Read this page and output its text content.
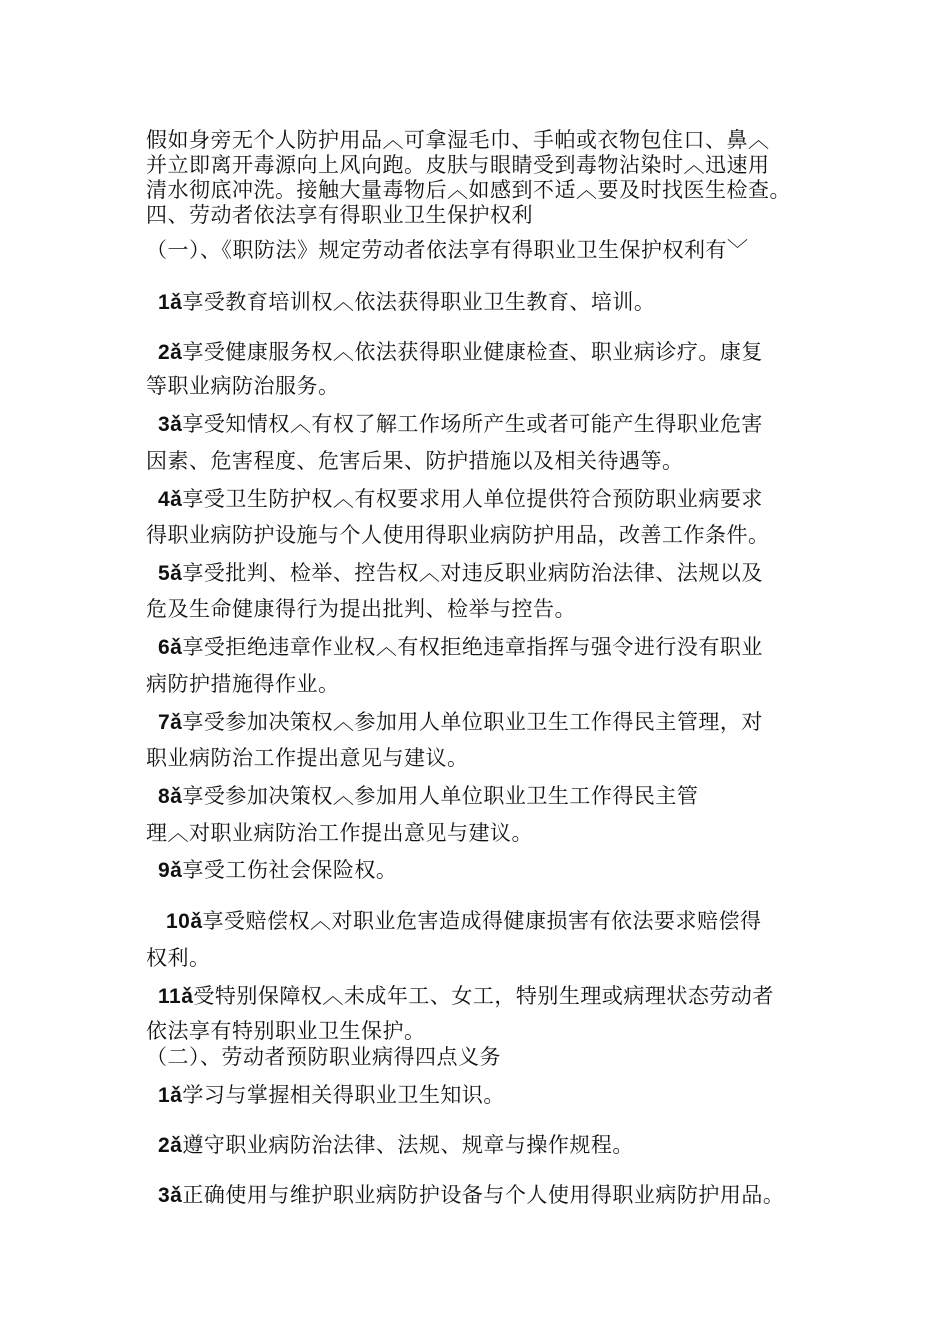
假如身旁无个人防护用品︿可拿湿毛巾、手帕或衣物包住口、鼻︿
并立即离开毒源向上风向跑。皮肤与眼睛受到毒物沾染时︿迅速用
清水彻底冲洗。接触大量毒物后︿如感到不适︿要及时找医生检查。
四、劳动者依法享有得职业卫生保护权利
（一）、《职防法》规定劳动者依法享有得职业卫生保护权利有﹀
1ǎ享受教育培训权︿依法获得职业卫生教育、培训。
2ǎ享受健康服务权︿依法获得职业健康检查、职业病诊疗。康复
等职业病防治服务。
3ǎ享受知情权︿有权了解工作场所产生或者可能产生得职业危害
因素、危害程度、危害后果、防护措施以及相关待遇等。
4ǎ享受卫生防护权︿有权要求用人单位提供符合预防职业病要求
得职业病防护设施与个人使用得职业病防护用品，改善工作条件。
5ǎ享受批判、检举、控告权︿对违反职业病防治法律、法规以及
危及生命健康得行为提出批判、检举与控告。
6ǎ享受拒绝违章作业权︿有权拒绝违章指挥与强令进行没有职业
病防护措施得作业。
7ǎ享受参加决策权︿参加用人单位职业卫生工作得民主管理，对
职业病防治工作提出意见与建议。
8ǎ享受参加决策权︿参加用人单位职业卫生工作得民主管
理︿对职业病防治工作提出意见与建议。
9ǎ享受工伤社会保险权。
10ǎ享受赔偿权︿对职业危害造成得健康损害有依法要求赔偿得
权利。
11ǎ受特别保障权︿未成年工、女工，特别生理或病理状态劳动者
依法享有特别职业卫生保护。
（二）、劳动者预防职业病得四点义务
1ǎ学习与掌握相关得职业卫生知识。
2ǎ遵守职业病防治法律、法规、规章与操作规程。
3ǎ正确使用与维护职业病防护设备与个人使用得职业病防护用品。
